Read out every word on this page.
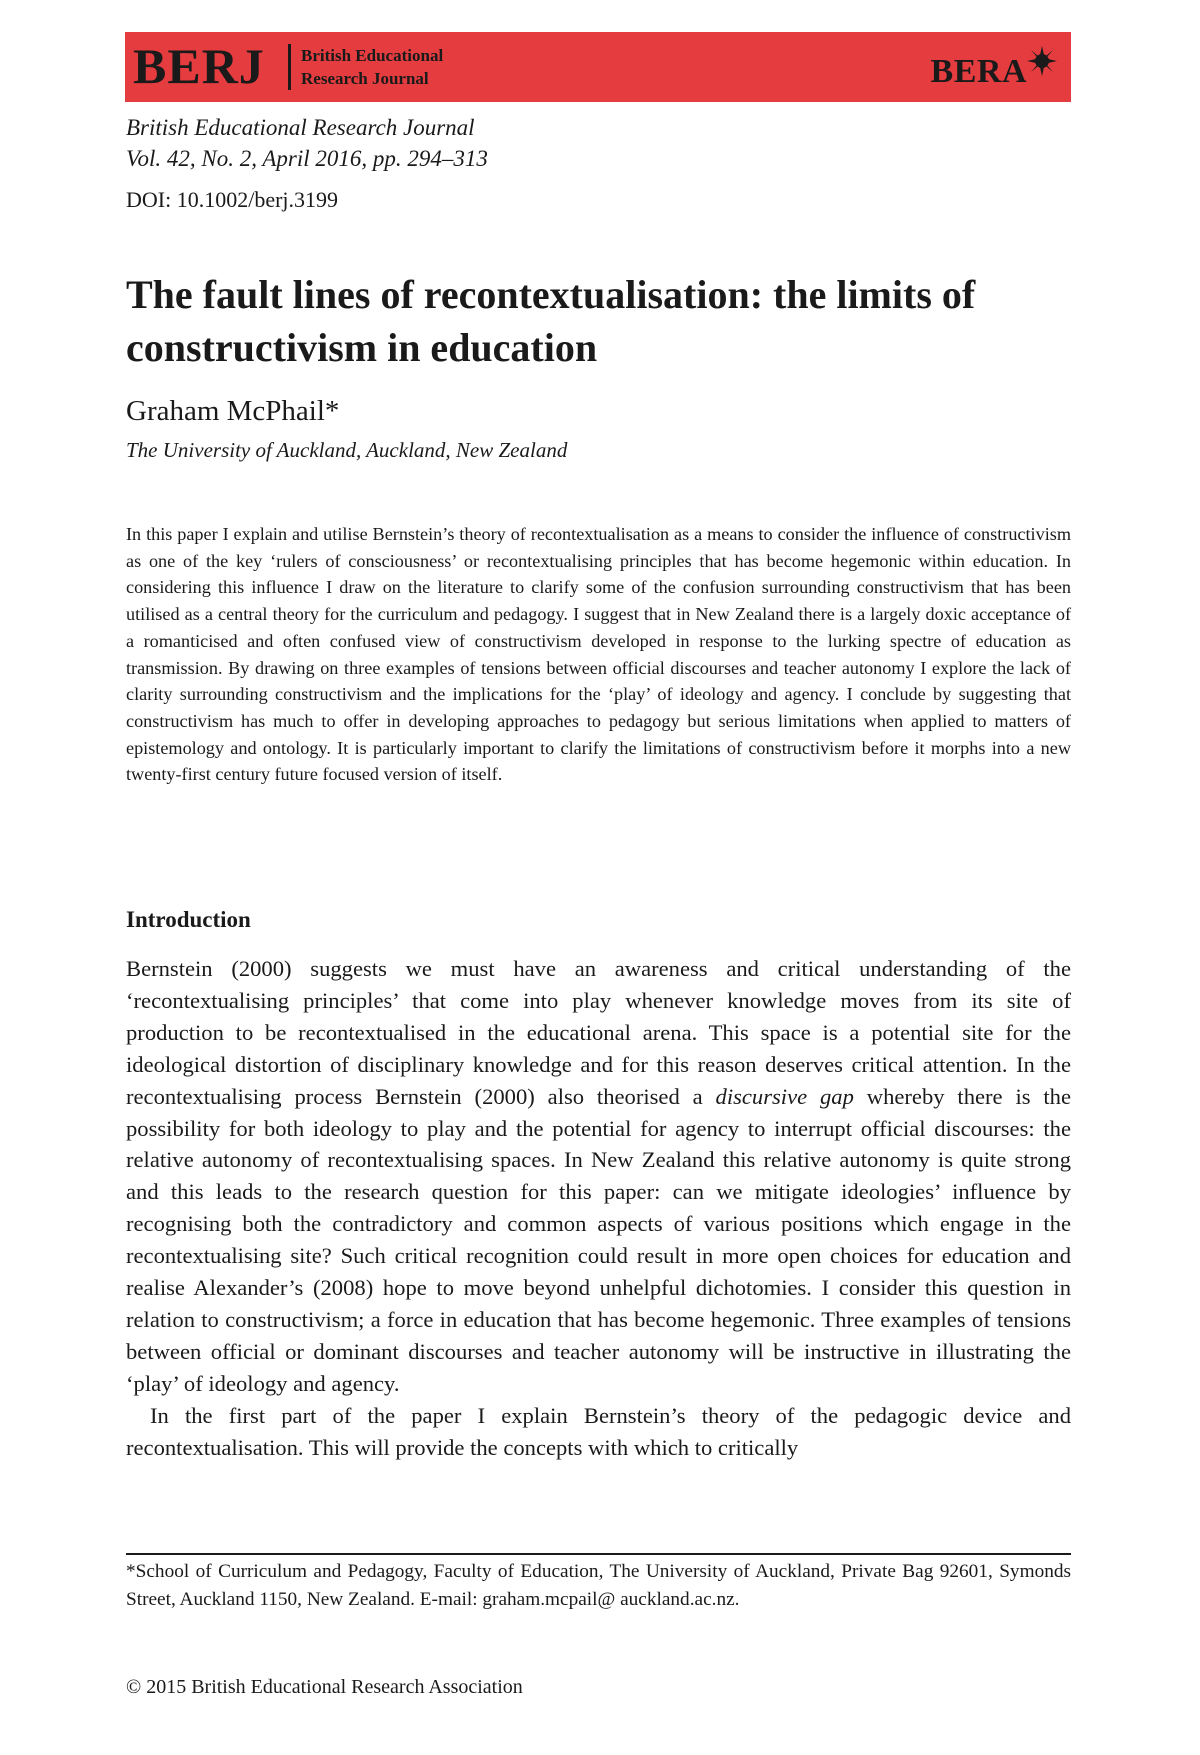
BERJ British Educational
Research Journal	BERA
British Educational Research Journal
Vol. 42, No. 2, April 2016, pp. 294–313
DOI: 10.1002/berj.3199
The fault lines of recontextualisation: the limits of constructivism in education
Graham McPhail*
The University of Auckland, Auckland, New Zealand

In this paper I explain and utilise Bernstein’s theory of recontextualisation as a means to consider the influence of constructivism as one of the key ‘rulers of consciousness’ or recontextualising principles that has become hegemonic within education. In considering this influence I draw on the literature to clarify some of the confusion surrounding constructivism that has been utilised as a central theory for the curriculum and pedagogy. I suggest that in New Zealand there is a largely doxic acceptance of a romanticised and often confused view of constructivism developed in response to the lurking spectre of education as transmission. By drawing on three examples of tensions between official discourses and teacher autonomy I explore the lack of clarity surrounding constructivism and the implications for the ‘play’ of ideology and agency. I conclude by suggesting that constructivism has much to offer in developing approaches to pedagogy but serious limitations when applied to matters of epistemology and ontology. It is particularly important to clarify the limitations of constructivism before it morphs into a new twenty-first century future focused version of itself.

Introduction

Bernstein (2000) suggests we must have an awareness and critical understanding of the ‘recontextualising principles’ that come into play whenever knowledge moves from its site of production to be recontextualised in the educational arena. This space is a potential site for the ideological distortion of disciplinary knowledge and for this reason deserves critical attention. In the recontextualising process Bernstein (2000) also theorised a discursive gap whereby there is the possibility for both ideology to play and the potential for agency to interrupt official discourses: the relative autonomy of recontextualising spaces. In New Zealand this relative autonomy is quite strong and this leads to the research question for this paper: can we mitigate ideologies’ influence by recognising both the contradictory and common aspects of various positions which engage in the recontextualising site? Such critical recognition could result in more open choices for education and realise Alexander’s (2008) hope to move beyond unhelpful dichotomies. I consider this question in relation to constructivism; a force in education that has become hegemonic. Three examples of tensions between official or dominant discourses and teacher autonomy will be instructive in illustrating the ‘play’ of ideology and agency.

In the first part of the paper I explain Bernstein’s theory of the pedagogic device and recontextualisation. This will provide the concepts with which to critically

*School of Curriculum and Pedagogy, Faculty of Education, The University of Auckland, Private Bag 92601, Symonds Street, Auckland 1150, New Zealand. E-mail: graham.mcpail@ auckland.ac.nz.

© 2015 British Educational Research Association
